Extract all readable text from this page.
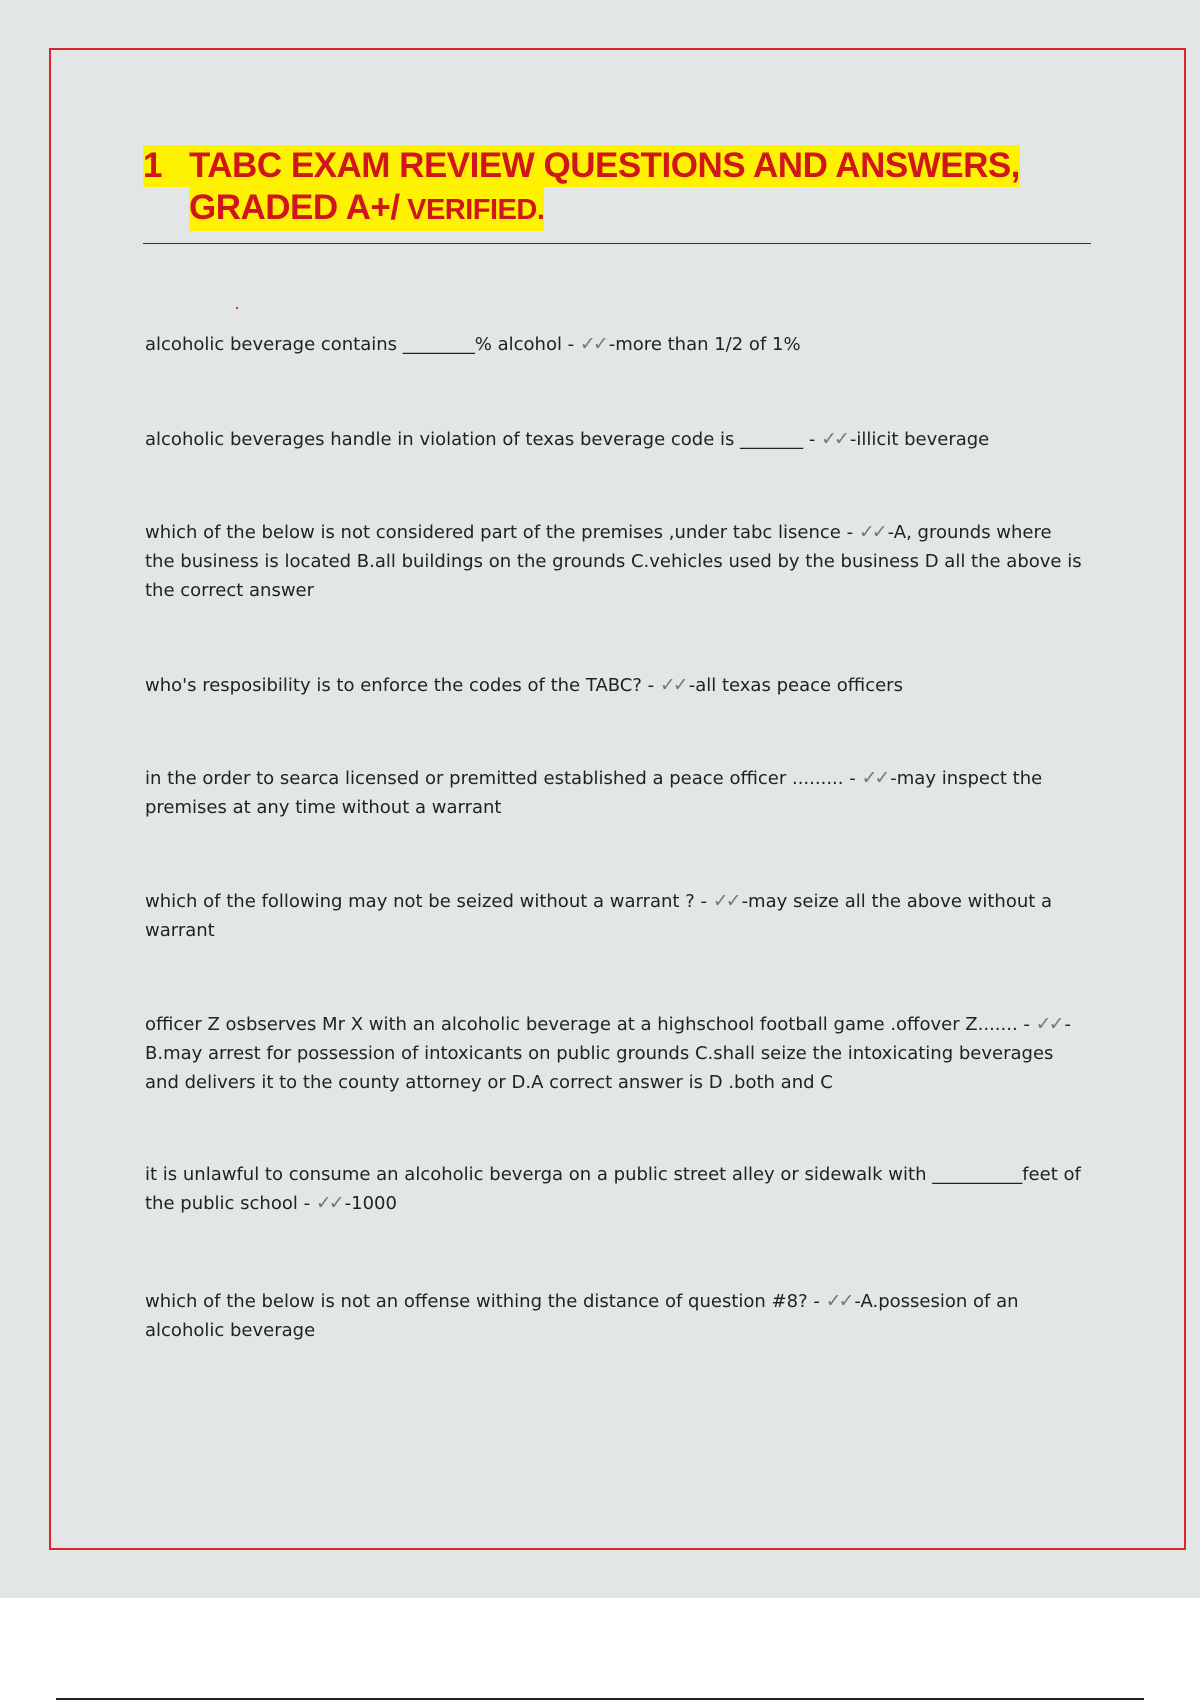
1 TABC EXAM REVIEW QUESTIONS AND ANSWERS,
GRADED A+/ VERIFIED.
alcoholic beverage contains ________% alcohol - ✓✓ -more than 1/2 of 1%
alcoholic beverages handle in violation of texas beverage code is _______ - ✓✓ -illicit beverage
which of the below is not considered part of the premises ,under tabc lisence - ✓✓ -A, grounds where the business is located B.all buildings on the grounds C.vehicles used by the business D all the above is the correct answer
who's resposibility is to enforce the codes of the TABC? - ✓✓ -all texas peace officers
in the order to searca licensed or premitted established a peace officer ......... - ✓✓ -may inspect the premises at any time without a warrant
which of the following may not be seized without a warrant ? - ✓✓ -may seize all the above without a warrant
officer Z osbserves Mr X with an alcoholic beverage at a highschool football game .offover Z....... - ✓✓ -B.may arrest for possession of intoxicants on public grounds C.shall seize the intoxicating beverages and delivers it to the county attorney or D.A correct answer is D .both and C
it is unlawful to consume an alcoholic beverga on a public street alley or sidewalk with __________feet of the public school - ✓✓ -1000
which of the below is not an offense withing the distance of question #8? - ✓✓ -A.possesion of an alcoholic beverage
